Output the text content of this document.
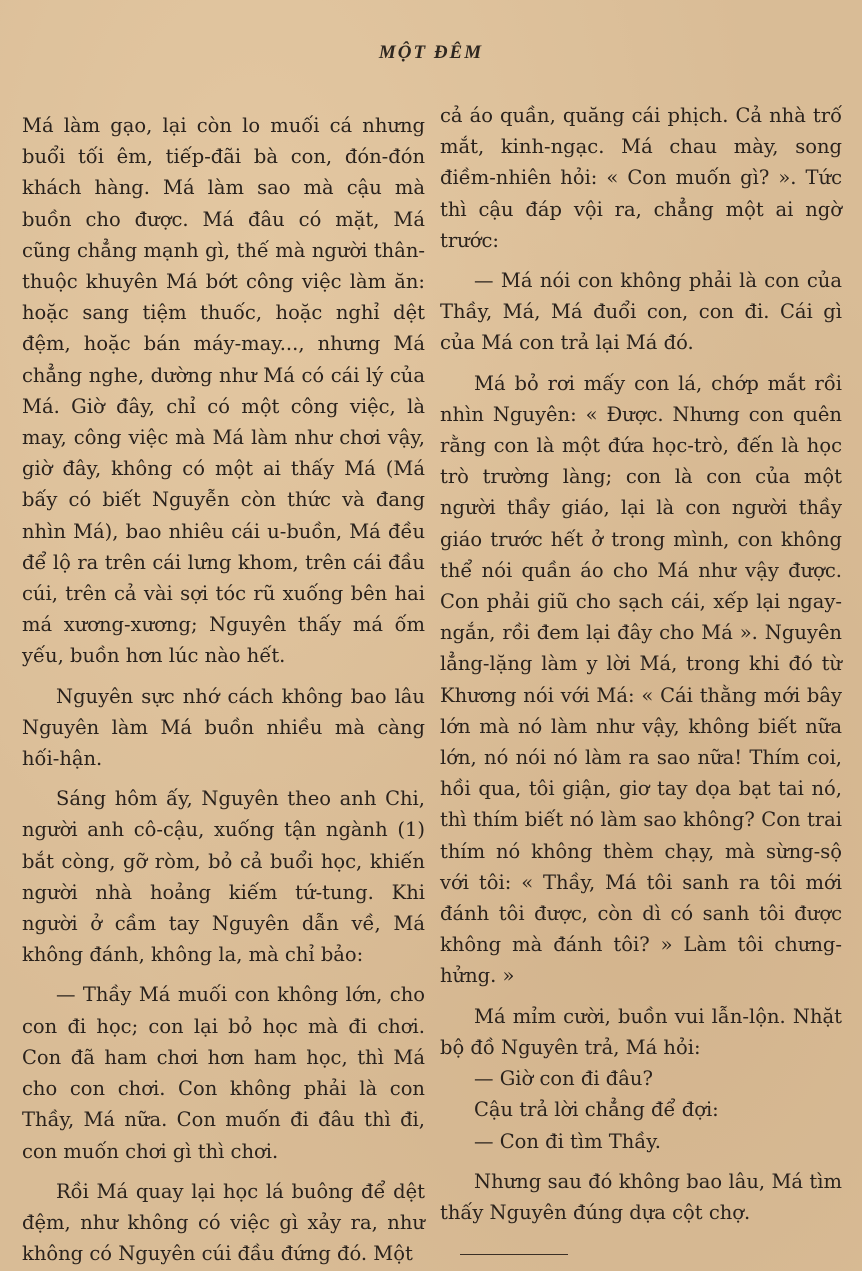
MỘT ĐÊM

Má làm gạo, lại còn lo muối cá nhưng buổi tối êm, tiếp-đãi bà con, đón-đón khách hàng. Má làm sao mà cậu mà buồn cho được. Má đâu có mặt, Má cũng chẳng mạnh gì, thế mà người thân-thuộc khuyên Má bớt công việc làm ăn: hoặc sang tiệm thuốc, hoặc nghỉ dệt đệm, hoặc bán máy-may..., nhưng Má chẳng nghe, dường như Má có cái lý của Má. Giờ đây, chỉ có một công việc, là may, công việc mà Má làm như chơi vậy, giờ đây, không có một ai thấy Má (Má bấy có biết Nguyễn còn thức và đang nhìn Má), bao nhiêu cái u-buồn, Má đều để lộ ra trên cái lưng khom, trên cái đầu cúi, trên cả vài sợi tóc rũ xuống bên hai má xương-xương; Nguyên thấy má ốm yếu, buồn hơn lúc nào hết.

Nguyên sực nhớ cách không bao lâu Nguyên làm Má buồn nhiều mà càng hối-hận.

Sáng hôm ấy, Nguyên theo anh Chi, người anh cô-cậu, xuống tận ngành (1) bắt còng, gỡ ròm, bỏ cả buổi học, khiến người nhà hoảng kiếm tứ-tung. Khi người ở cầm tay Nguyên dẫn về, Má không đánh, không la, mà chỉ bảo:

— Thầy Má muối con không lớn, cho con đi học; con lại bỏ học mà đi chơi. Con đã ham chơi hơn ham học, thì Má cho con chơi. Con không phải là con Thầy, Má nữa. Con muốn đi đâu thì đi, con muốn chơi gì thì chơi.

Rồi Má quay lại học lá buông để dệt đệm, như không có việc gì xảy ra, như không có Nguyên cúi đầu đứng đó. Một

cả áo quần, quăng cái phịch. Cả nhà trố mắt, kinh-ngạc. Má chau mày, song điềm-nhiên hỏi: « Con muốn gì? ». Tức thì cậu đáp vội ra, chẳng một ai ngờ trước:

— Má nói con không phải là con của Thầy, Má, Má đuổi con, con đi. Cái gì của Má con trả lại Má đó.

Má bỏ rơi mấy con lá, chớp mắt rồi nhìn Nguyên: « Được. Nhưng con quên rằng con là một đứa học-trò, đến là học trò trường làng; con là con của một người thầy giáo, lại là con người thầy giáo trước hết ở trong mình, con không thể nói quần áo cho Má như vậy được. Con phải giũ cho sạch cái, xếp lại ngay-ngắn, rồi đem lại đây cho Má ». Nguyên lẳng-lặng làm y lời Má, trong khi đó từ Khương nói với Má: « Cái thằng mới bây lớn mà nó làm như vậy, không biết nữa lớn, nó nói nó làm ra sao nữa! Thím coi, hồi qua, tôi giận, giơ tay dọa bạt tai nó, thì thím biết nó làm sao không? Con trai thím nó không thèm chạy, mà sừng-sộ với tôi: « Thầy, Má tôi sanh ra tôi mới đánh tôi được, còn dì có sanh tôi được không mà đánh tôi? » Làm tôi chưng-hửng. »

Má mỉm cười, buồn vui lẫn-lộn. Nhặt bộ đồ Nguyên trả, Má hỏi:

— Giờ con đi đâu?

Cậu trả lời chẳng để đợi:

— Con đi tìm Thầy.

Nhưng sau đó không bao lâu, Má tìm thấy Nguyên đúng dựa cột chợ.
